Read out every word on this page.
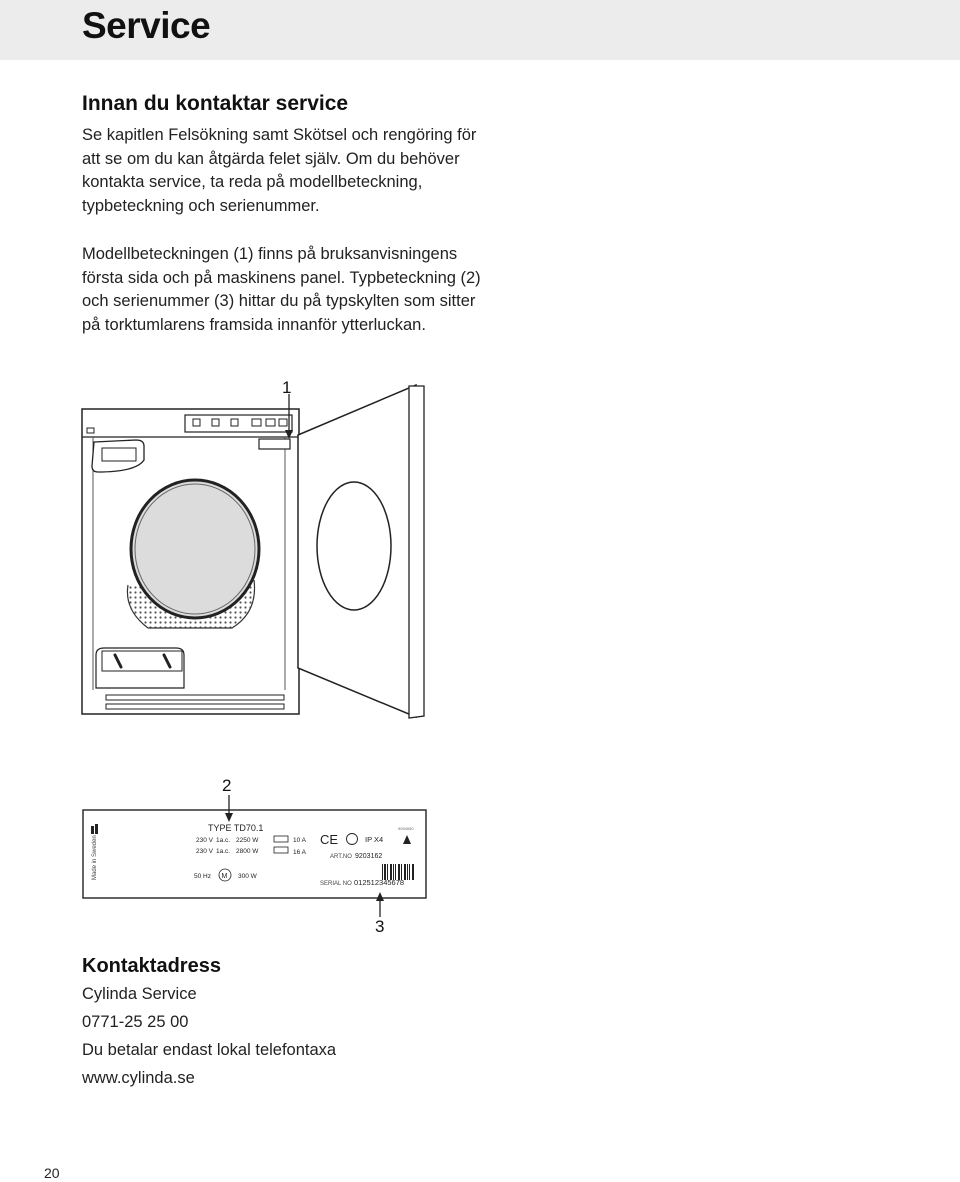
Service
Innan du kontaktar service

Se kapitlen Felsökning samt Skötsel och rengöring för att se om du kan åtgärda felet själv. Om du behöver kontakta service, ta reda på modellbeteckning, typbeteckning och serienummer.

Modellbeteckningen (1) finns på bruksanvisningens första sida och på maskinens panel. Typbeteckning (2) och serienummer (3) hittar du på typskylten som sitter på torktumlarens framsida innanför ytterluckan.

1
2
3
Made in Sweden
TYPE TD70.1
230 V 1a.c. 2250 W	10 A
230 V 1a.c. 2800 W	16 A
50 Hz M 300 W
CE	IP X4
9054050
ART.NO 9203162
SERIAL NO 012512345678
Kontaktadress

Cylinda Service

0771-25 25 00

Du betalar endast lokal telefontaxa

www.cylinda.se

20
